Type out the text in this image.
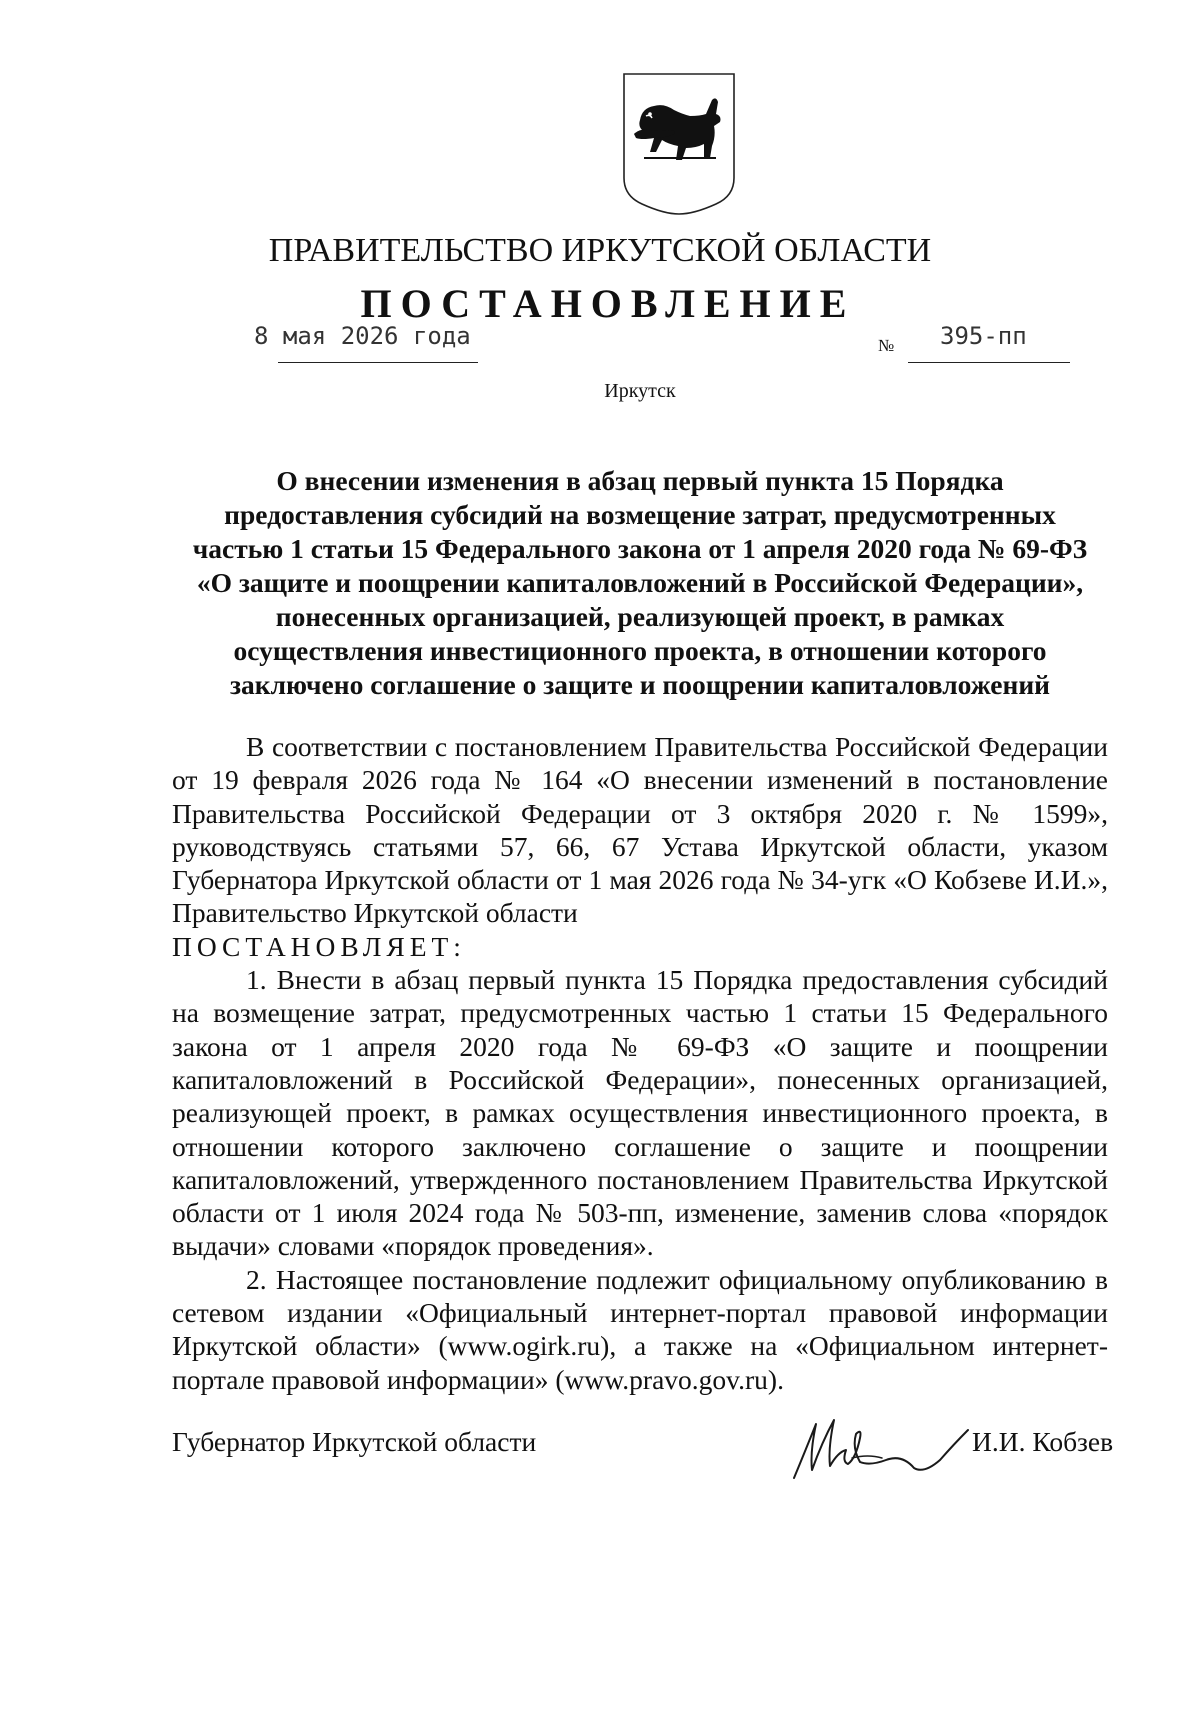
ПРАВИТЕЛЬСТВО ИРКУТСКОЙ ОБЛАСТИ
ПОСТАНОВЛЕНИЕ
8 мая 2026 года	№ 395-пп
Иркутск
О внесении изменения в абзац первый пункта 15 Порядка
предоставления субсидий на возмещение затрат, предусмотренных
частью 1 статьи 15 Федерального закона от 1 апреля 2020 года № 69-ФЗ
«О защите и поощрении капиталовложений в Российской Федерации»,
понесенных организацией, реализующей проект, в рамках
осуществления инвестиционного проекта, в отношении которого
заключено соглашение о защите и поощрении капиталовложений

В соответствии с постановлением Правительства Российской Федерации от 19 февраля 2026 года № 164 «О внесении изменений в постановление Правительства Российской Федерации от 3 октября 2020 г. № 1599», руководствуясь статьями 57, 66, 67 Устава Иркутской области, указом Губернатора Иркутской области от 1 мая 2026 года № 34-угк «О Кобзеве И.И.», Правительство Иркутской области

ПОСТАНОВЛЯЕТ:

1. Внести в абзац первый пункта 15 Порядка предоставления субсидий на возмещение затрат, предусмотренных частью 1 статьи 15 Федерального закона от 1 апреля 2020 года № 69-ФЗ «О защите и поощрении капиталовложений в Российской Федерации», понесенных организацией, реализующей проект, в рамках осуществления инвестиционного проекта, в отношении которого заключено соглашение о защите и поощрении капиталовложений, утвержденного постановлением Правительства Иркутской области от 1 июля 2024 года № 503-пп, изменение, заменив слова «порядок выдачи» словами «порядок проведения».

2. Настоящее постановление подлежит официальному опубликованию в сетевом издании «Официальный интернет-портал правовой информации Иркутской области» (www.ogirk.ru), а также на «Официальном интернет-портале правовой информации» (www.pravo.gov.ru).

Губернатор Иркутской области	И.И. Кобзев
